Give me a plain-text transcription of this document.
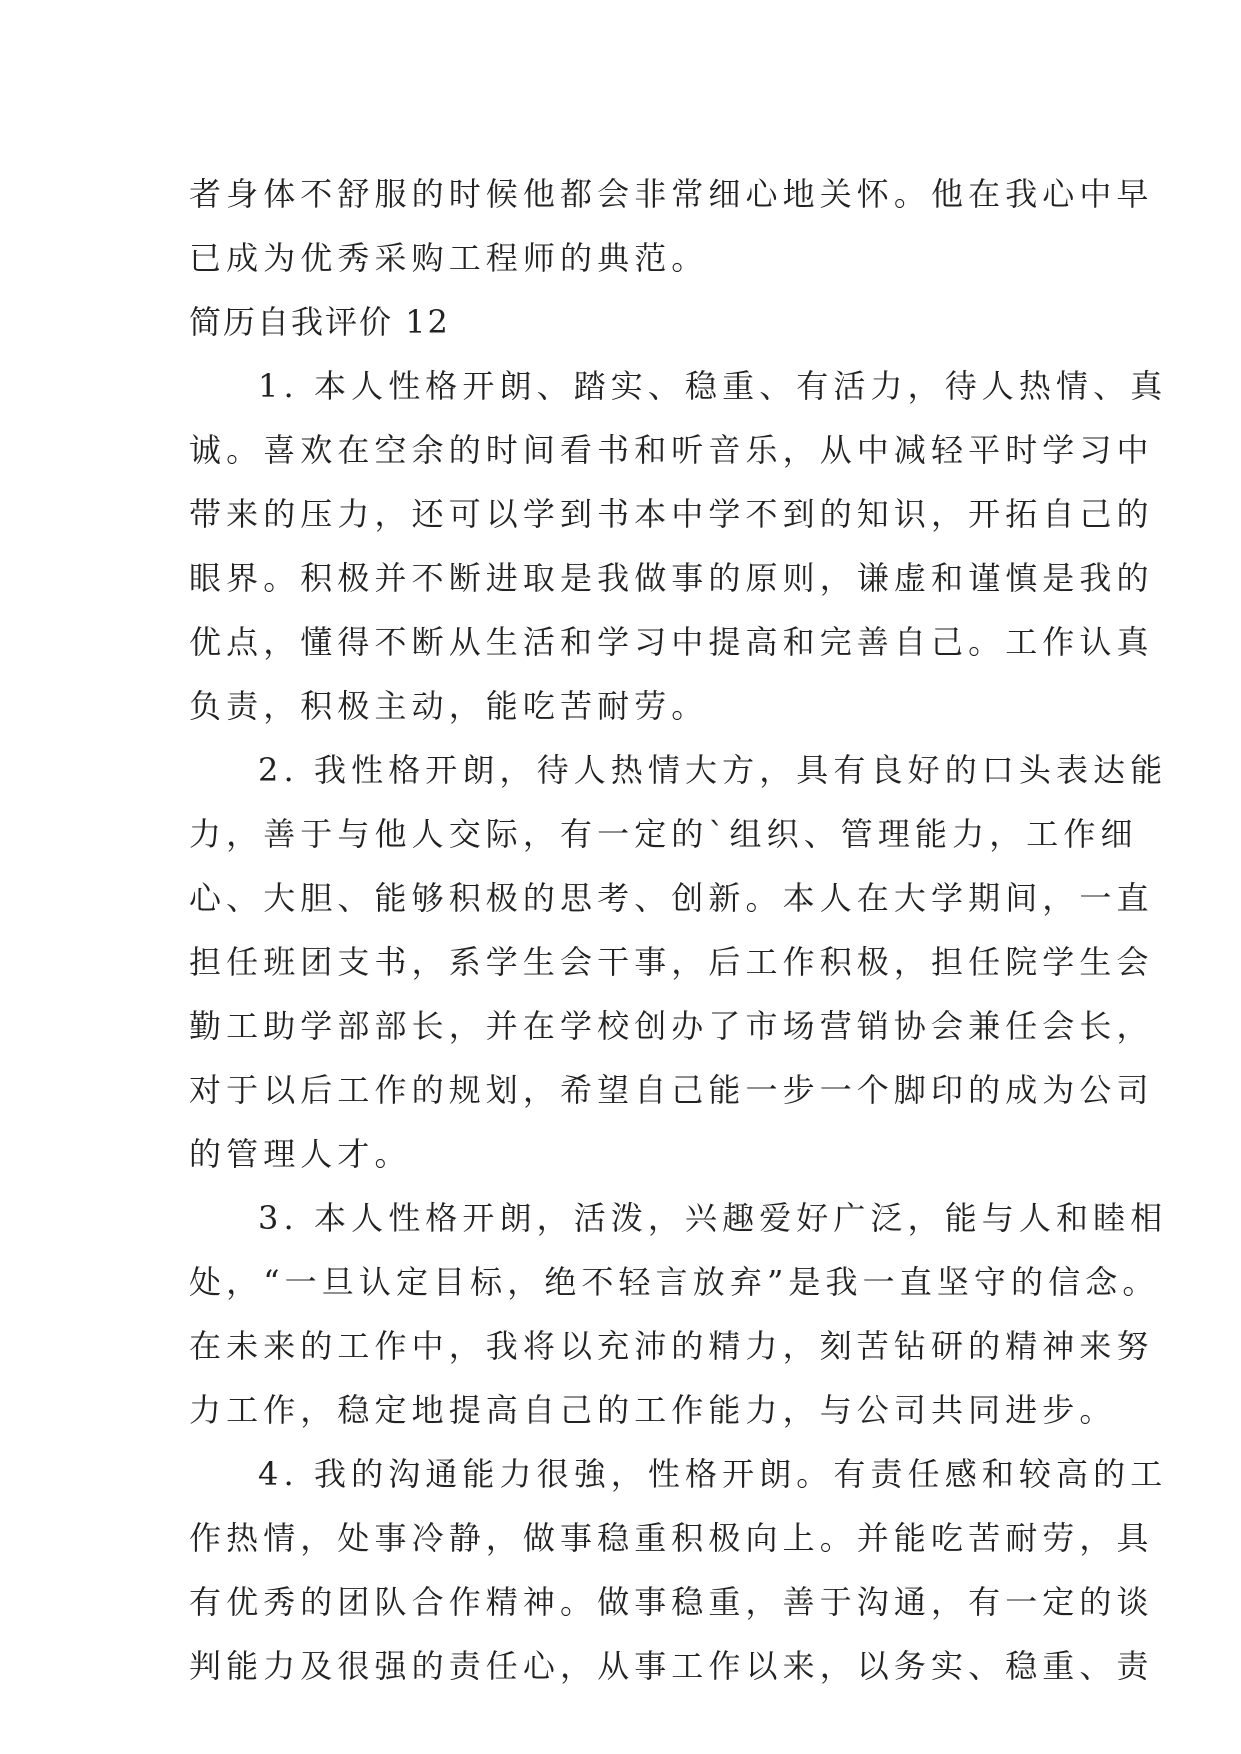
者身体不舒服的时候他都会非常细心地关怀。他在我心中早
已成为优秀采购工程师的典范。
简历自我评价 12
1. 本人性格开朗、踏实、稳重、有活力，待人热情、真
诚。喜欢在空余的时间看书和听音乐，从中减轻平时学习中
带来的压力，还可以学到书本中学不到的知识，开拓自己的
眼界。积极并不断进取是我做事的原则，谦虚和谨慎是我的
优点，懂得不断从生活和学习中提高和完善自己。工作认真
负责，积极主动，能吃苦耐劳。
2. 我性格开朗，待人热情大方，具有良好的口头表达能
力，善于与他人交际，有一定的`组织、管理能力，工作细
心、大胆、能够积极的思考、创新。本人在大学期间，一直
担任班团支书，系学生会干事，后工作积极，担任院学生会
勤工助学部部长，并在学校创办了市场营销协会兼任会长，
对于以后工作的规划，希望自己能一步一个脚印的成为公司
的管理人才。
3. 本人性格开朗，活泼，兴趣爱好广泛，能与人和睦相
处，“一旦认定目标，绝不轻言放弃”是我一直坚守的信念。
在未来的工作中，我将以充沛的精力，刻苦钻研的精神来努
力工作，稳定地提高自己的工作能力，与公司共同进步。
4. 我的沟通能力很強，性格开朗。有责任感和较高的工
作热情，处事冷静，做事稳重积极向上。并能吃苦耐劳，具
有优秀的团队合作精神。做事稳重，善于沟通，有一定的谈
判能力及很强的责任心，从事工作以来，以务实、稳重、责
